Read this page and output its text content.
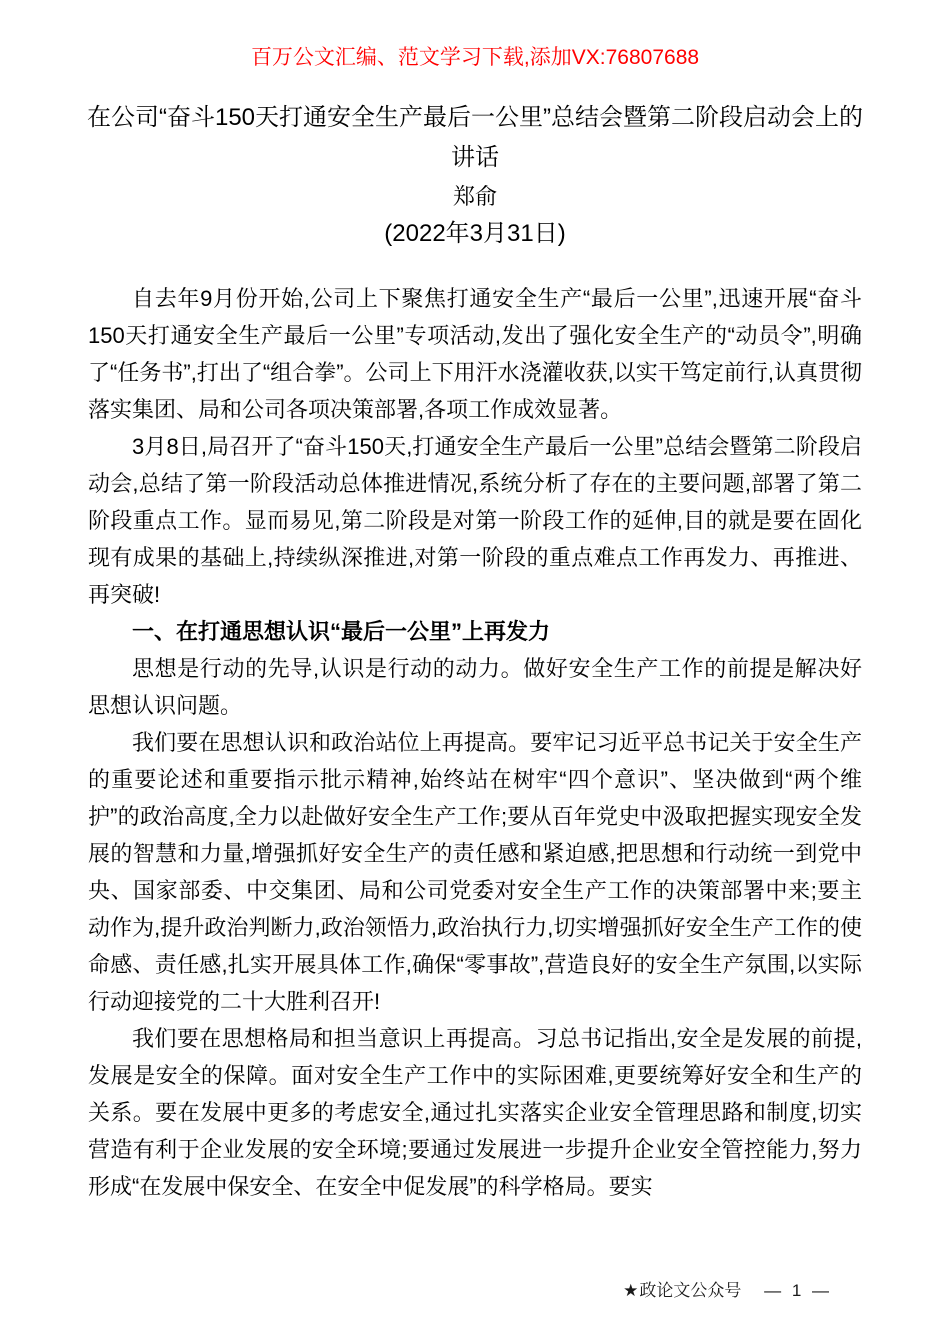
百万公文汇编、范文学习下载,添加VX:76807688
在公司“奋斗150天打通安全生产最后一公里”总结会暨第二阶段启动会上的讲话
郑俞
(2022年3月31日)

自去年9月份开始,公司上下聚焦打通安全生产“最后一公里”,迅速开展“奋斗150天打通安全生产最后一公里”专项活动,发出了强化安全生产的“动员令”,明确了“任务书”,打出了“组合拳”。公司上下用汗水浇灌收获,以实干笃定前行,认真贯彻落实集团、局和公司各项决策部署,各项工作成效显著。

3月8日,局召开了“奋斗150天,打通安全生产最后一公里”总结会暨第二阶段启动会,总结了第一阶段活动总体推进情况,系统分析了存在的主要问题,部署了第二阶段重点工作。显而易见,第二阶段是对第一阶段工作的延伸,目的就是要在固化现有成果的基础上,持续纵深推进,对第一阶段的重点难点工作再发力、再推进、再突破!

一、在打通思想认识“最后一公里”上再发力

思想是行动的先导,认识是行动的动力。做好安全生产工作的前提是解决好思想认识问题。

我们要在思想认识和政治站位上再提高。要牢记习近平总书记关于安全生产的重要论述和重要指示批示精神,始终站在树牢“四个意识”、坚决做到“两个维护”的政治高度,全力以赴做好安全生产工作;要从百年党史中汲取把握实现安全发展的智慧和力量,增强抓好安全生产的责任感和紧迫感,把思想和行动统一到党中央、国家部委、中交集团、局和公司党委对安全生产工作的决策部署中来;要主动作为,提升政治判断力,政治领悟力,政治执行力,切实增强抓好安全生产工作的使命感、责任感,扎实开展具体工作,确保“零事故”,营造良好的安全生产氛围,以实际行动迎接党的二十大胜利召开!

我们要在思想格局和担当意识上再提高。习总书记指出,安全是发展的前提,发展是安全的保障。面对安全生产工作中的实际困难,更要统筹好安全和生产的关系。要在发展中更多的考虑安全,通过扎实落实企业安全管理思路和制度,切实营造有利于企业发展的安全环境;要通过发展进一步提升企业安全管控能力,努力形成“在发展中保安全、在安全中促发展”的科学格局。要实

★政论文公众号 — 1 —
